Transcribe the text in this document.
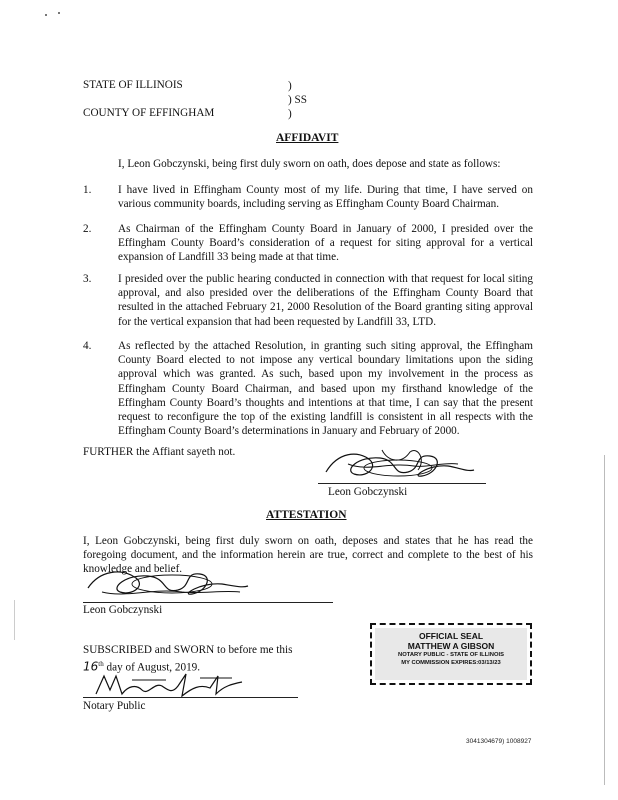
STATE OF ILLINOIS	)
) SS
COUNTY OF EFFINGHAM	)
AFFIDAVIT
I, Leon Gobczynski, being first duly sworn on oath, does depose and state as follows:
1. I have lived in Effingham County most of my life. During that time, I have served on various community boards, including serving as Effingham County Board Chairman.
2. As Chairman of the Effingham County Board in January of 2000, I presided over the Effingham County Board’s consideration of a request for siting approval for a vertical expansion of Landfill 33 being made at that time.
3. I presided over the public hearing conducted in connection with that request for local siting approval, and also presided over the deliberations of the Effingham County Board that resulted in the attached February 21, 2000 Resolution of the Board granting siting approval for the vertical expansion that had been requested by Landfill 33, LTD.
4. As reflected by the attached Resolution, in granting such siting approval, the Effingham County Board elected to not impose any vertical boundary limitations upon the siding approval which was granted. As such, based upon my involvement in the process as Effingham County Board Chairman, and based upon my firsthand knowledge of the Effingham County Board’s thoughts and intentions at that time, I can say that the present request to reconfigure the top of the existing landfill is consistent in all respects with the Effingham County Board’s determinations in January and February of 2000.
FURTHER the Affiant sayeth not.
Leon Gobczynski
ATTESTATION
I, Leon Gobczynski, being first duly sworn on oath, deposes and states that he has read the foregoing document, and the information herein are true, correct and complete to the best of his knowledge and belief.
Leon Gobczynski
SUBSCRIBED and SWORN to before me this
16th day of August, 2019.
Notary Public
OFFICIAL SEAL
MATTHEW A GIBSON
NOTARY PUBLIC - STATE OF ILLINOIS
MY COMMISSION EXPIRES:03/13/23
3041304679) 1008927
